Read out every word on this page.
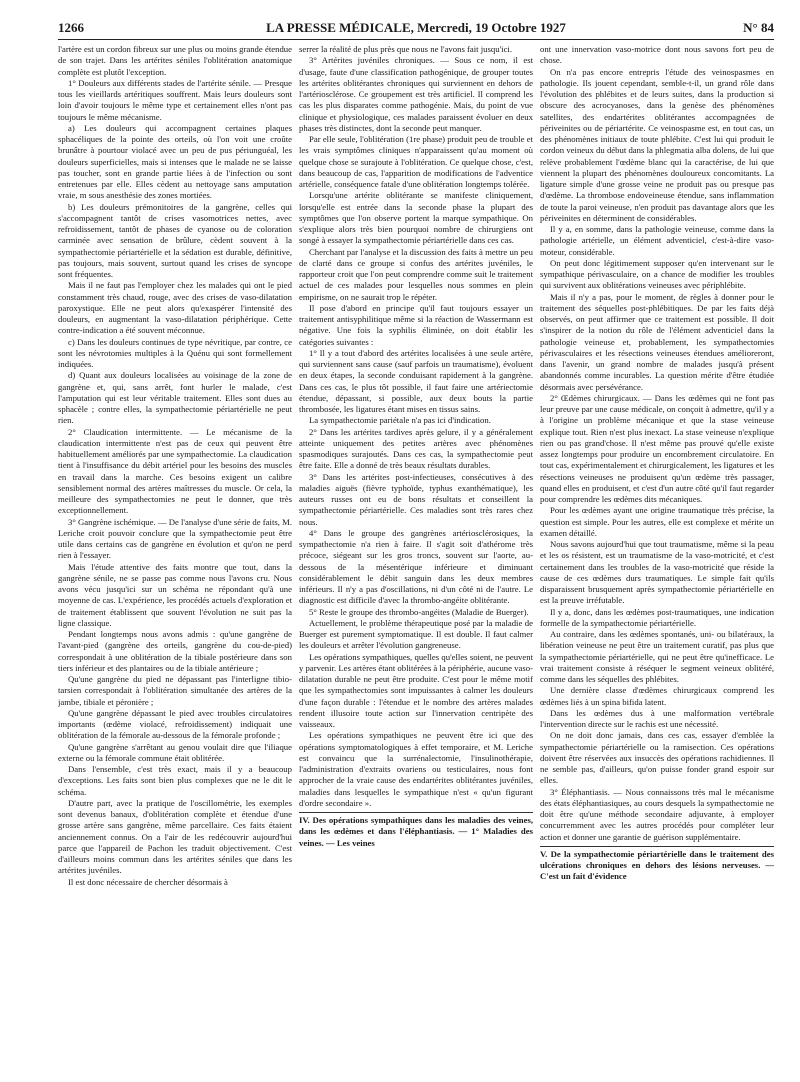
1266	LA PRESSE MÉDICALE, Mercredi, 19 Octobre 1927	N° 84

l'artère est un cordon fibreux sur une plus ou moins grande étendue de son trajet. Dans les artérites séniles l'oblitération anatomique complète est plutôt l'exception.

1° Douleurs aux différents stades de l'artérite sénile. — Presque tous les vieillards artéritiques souffrent. Mais leurs douleurs sont loin d'avoir toujours le même type et certainement elles n'ont pas toujours le même mécanisme.

a) Les douleurs qui accompagnent certaines plaques sphacéliques de la pointe des orteils, où l'on voit une croûte brunâtre à pourtour violacé avec un peu de pus périunguéal, les douleurs superficielles, mais si intenses que le malade ne se laisse pas toucher, sont en grande partie liées à de l'infection ou sont entretenues par elle. Elles cèdent au nettoyage sans amputation vraie, m sous anesthésie des zones mortiées.

b) Les douleurs prémonitoires de la gangrène, celles qui s'accompagnent tantôt de crises vasomotrices nettes, avec refroidissement, tantôt de phases de cyanose ou de coloration carminée avec sensation de brûlure, cèdent souvent à la sympathectomie périartérielle et la sédation est durable, définitive, pas toujours, mais souvent, surtout quand les crises de syncope sont fréquentes.

Mais il ne faut pas l'employer chez les malades qui ont le pied constamment très chaud, rouge, avec des crises de vaso-dilatation paroxystique. Elle ne peut alors qu'exaspérer l'intensité des douleurs, en augmentant la vaso-dilatation périphérique. Cette contre-indication a été souvent méconnue.

c) Dans les douleurs continues de type névritique, par contre, ce sont les névrotomies multiples à la Quénu qui sont formellement indiquées.

d) Quant aux douleurs localisées au voisinage de la zone de gangrène et, qui, sans arrêt, font hurler le malade, c'est l'amputation qui est leur véritable traitement. Elles sont dues au sphacèle ; contre elles, la sympathectomie périartérielle ne peut rien.

2° Claudication intermittente. — Le mécanisme de la claudication intermittente n'est pas de ceux qui peuvent être habituellement améliorés par une sympathectomie. La claudication tient à l'insuffisance du débit artériel pour les besoins des muscles en travail dans la marche. Ces besoins exigent un calibre sensiblement normal des artères maîtresses du muscle. Or cela, la meilleure des sympathectomies ne peut le donner, que très exceptionnellement.

3° Gangrène ischémique. — De l'analyse d'une série de faits, M. Leriche croit pouvoir conclure que la sympathectomie peut être utile dans certains cas de gangrène en évolution et qu'on ne perd rien à l'essayer.

Mais l'étude attentive des faits montre que tout, dans la gangrène sénile, ne se passe pas comme nous l'avons cru. Nous avons vécu jusqu'ici sur un schéma ne répondant qu'à une moyenne de cas. L'expérience, les procédés actuels d'exploration et de traitement établissent que souvent l'évolution ne suit pas la ligne classique.

Pendant longtemps nous avons admis : qu'une gangrène de l'avant-pied (gangrène des orteils, gangrène du cou-de-pied) correspondait à une oblitération de la tibiale postérieure dans son tiers inférieur et des plantaires ou de la tibiale antérieure ;

Qu'une gangrène du pied ne dépassant pas l'interligne tibio-tarsien correspondait à l'oblitération simultanée des artères de la jambe, tibiale et péronière ;

Qu'une gangrène dépassant le pied avec troubles circulatoires importants (œdème violacé, refroidissement) indiquait une oblitération de la fémorale au-dessous de la fémorale profonde ;

Qu'une gangrène s'arrêtant au genou voulait dire que l'iliaque externe ou la fémorale commune était oblitérée.

Dans l'ensemble, c'est très exact, mais il y a beaucoup d'exceptions. Les faits sont bien plus complexes que ne le dit le schéma.

D'autre part, avec la pratique de l'oscillométrie, les exemples sont devenus banaux, d'oblitération complète et étendue d'une grosse artère sans gangrène, même parcellaire. Ces faits étaient anciennement connus. On a l'air de les redécouvrir aujourd'hui parce que l'appareil de Pachon les traduit objectivement. C'est d'ailleurs moins commun dans les artérites séniles que dans les artérites juvéniles.

Il est donc nécessaire de chercher désormais à

serrer la réalité de plus près que nous ne l'avons fait jusqu'ici.

3° Artérites juvéniles chroniques. — Sous ce nom, il est d'usage, faute d'une classification pathogénique, de grouper toutes les artérites oblitérantes chroniques qui surviennent en dehors de l'artériosclérose. Ce groupement est très artificiel. Il comprend les cas les plus disparates comme pathogénie. Mais, du point de vue clinique et physiologique, ces malades paraissent évoluer en deux phases très distinctes, dont la seconde peut manquer.

Par elle seule, l'oblitération (1re phase) produit peu de trouble et les vrais symptômes cliniques n'apparaissent qu'au moment où quelque chose se surajoute à l'oblitération. Ce quelque chose, c'est, dans beaucoup de cas, l'apparition de modifications de l'adventice artérielle, conséquence fatale d'une oblitération longtemps tolérée.

Lorsqu'une artérite oblitérante se manifeste cliniquement, lorsqu'elle est entrée dans la seconde phase la plupart des symptômes que l'on observe portent la marque sympathique. On s'explique alors très bien pourquoi nombre de chirurgiens ont songé à essayer la sympathectomie périartérielle dans ces cas.

Cherchant par l'analyse et la discussion des faits à mettre un peu de clarté dans ce groupe si confus des artérites juvéniles, le rapporteur croit que l'on peut comprendre comme suit le traitement actuel de ces malades pour lesquelles nous sommes en plein empirisme, on ne saurait trop le répéter.

Il pose d'abord en principe qu'il faut toujours essayer un traitement antisyphilitique même si la réaction de Wassermann est négative. Une fois la syphilis éliminée, on doit établir les catégories suivantes :

1° Il y a tout d'abord des artérites localisées à une seule artère, qui surviennent sans cause (sauf parfois un traumatisme), évoluent en deux étapes, la seconde conduisant rapidement à la gangrène. Dans ces cas, le plus tôt possible, il faut faire une artériectomie étendue, dépassant, si possible, aux deux bouts la partie thrombosée, les ligatures étant mises en tissus sains.

La sympathectomie pariétale n'a pas ici d'indication.

2° Dans les artérites tardives après gelure, il y a généralement atteinte uniquement des petites artères avec phénomènes spasmodiques surajoutés. Dans ces cas, la sympathectomie peut être faite. Elle a donné de très beaux résultats durables.

3° Dans les artérites post-infectieuses, consécutives à des maladies aiguës (fièvre typhoïde, typhus exanthématique), les auteurs russes ont eu de bons résultats et conseillent la sympathectomie périartérielle. Ces maladies sont très rares chez nous.

4° Dans le groupe des gangrènes artériosclérosiques, la sympathectomie n'a rien à faire. Il s'agit soit d'athérome très précoce, siégeant sur les gros troncs, souvent sur l'aorte, au-dessous de la mésentérique inférieure et diminuant considérablement le débit sanguin dans les deux membres inférieurs. Il n'y a pas d'oscillations, ni d'un côté ni de l'autre. Le diagnostic est difficile d'avec la thrombo-angéite oblitérante.

5° Reste le groupe des thrombo-angéites (Maladie de Buerger).

Actuellement, le problème thérapeutique posé par la maladie de Buerger est purement symptomatique. Il est double. Il faut calmer les douleurs et arrêter l'évolution gangreneuse.

Les opérations sympathiques, quelles qu'elles soient, ne peuvent y parvenir. Les artères étant oblitérées à la périphérie, aucune vaso-dilatation durable ne peut être produite. C'est pour le même motif que les sympathectomies sont impuissantes à calmer les douleurs d'une façon durable : l'étendue et le nombre des artères malades rendent illusoire toute action sur l'innervation centripète des vaisseaux.

Les opérations sympathiques ne peuvent être ici que des opérations symptomatologiques à effet temporaire, et M. Leriche est convaincu que la surrénalectomie, l'insulinothérapie, l'administration d'extraits ovariens ou testiculaires, nous font approcher de la vraie cause des endartérites oblitérantes juvéniles, maladies dans lesquelles le sympathique n'est « qu'un figurant d'ordre secondaire ».

IV. Des opérations sympathiques dans les maladies des veines, dans les œdèmes et dans l'éléphantiasis. — 1° Maladies des veines. — Les veines

ont une innervation vaso-motrice dont nous savons fort peu de chose.

On n'a pas encore entrepris l'étude des veinospasmes en pathologie. Ils jouent cependant, semble-t-il, un grand rôle dans l'évolution des phlébites et de leurs suites, dans la production si obscure des acrocyanoses, dans la genèse des phénomènes satellites, des endartérites oblitérantes accompagnées de périveinites ou de périartérite. Ce veinospasme est, en tout cas, un des phénomènes initiaux de toute phlébite. C'est lui qui produit le cordon veineux du début dans la phlegmatia alba dolens, de lui que relève probablement l'œdème blanc qui la caractérise, de lui que viennent la plupart des phénomènes douloureux concomitants. La ligature simple d'une grosse veine ne produit pas ou presque pas d'œdème. La thrombose endoveineuse étendue, sans inflammation de toute la paroi veineuse, n'en produit pas davantage alors que les périveinites en déterminent de considérables.

Il y a, en somme, dans la pathologie veineuse, comme dans la pathologie artérielle, un élément adventiciel, c'est-à-dire vaso-moteur, considérable.

On peut donc légitimement supposer qu'en intervenant sur le sympathique périvasculaire, on a chance de modifier les troubles qui survivent aux oblitérations veineuses avec périphlébite.

Mais il n'y a pas, pour le moment, de règles à donner pour le traitement des séquelles post-phlébitiques. De par les faits déjà observés, on peut affirmer que ce traitement est possible. Il doit s'inspirer de la notion du rôle de l'élément adventiciel dans la pathologie veineuse et, probablement, les sympathectomies périvasculaires et les résections veineuses étendues amélioreront, dans l'avenir, un grand nombre de malades jusqu'à présent abandonnés comme incurables. La question mérite d'être étudiée désormais avec persévérance.

2° Œdèmes chirurgicaux. — Dans les œdèmes qui ne font pas leur preuve par une cause médicale, on conçoit à admettre, qu'il y a à l'origine un problème mécanique et que la stase veineuse explique tout. Rien n'est plus inexact. La stase veineuse n'explique rien ou pas grand'chose. Il n'est même pas prouvé qu'elle existe assez longtemps pour produire un encombrement circulatoire. En tout cas, expérimentalement et chirurgicalement, les ligatures et les résections veineuses ne produisent qu'un œdème très passager, quand elles en produisent, et c'est d'un autre côté qu'il faut regarder pour comprendre les œdèmes dits mécaniques.

Pour les œdèmes ayant une origine traumatique très précise, la question est simple. Pour les autres, elle est complexe et mérite un examen détaillé.

Nous savons aujourd'hui que tout traumatisme, même si la peau et les os résistent, est un traumatisme de la vaso-motricité, et c'est certainement dans les troubles de la vaso-motricité que réside la cause de ces œdèmes durs traumatiques. Le simple fait qu'ils disparaissent brusquement après sympathectomie périartérielle en est la preuve irréfutable.

Il y a, donc, dans les œdèmes post-traumatiques, une indication formelle de la sympathectomie périartérielle.

Au contraire, dans les œdèmes spontanés, uni- ou bilatéraux, la libération veineuse ne peut être un traitement curatif, pas plus que la sympathectomie périartérielle, qui ne peut être qu'inefficace. Le vrai traitement consiste à réséquer le segment veineux oblitéré, comme dans les séquelles des phlébites.

Une dernière classe d'œdèmes chirurgicaux comprend les œdèmes liés à un spina bifida latent.

Dans les œdèmes dus à une malformation vertébrale l'intervention directe sur le rachis est une nécessité.

On ne doit donc jamais, dans ces cas, essayer d'emblée la sympathectomie périartérielle ou la ramisection. Ces opérations doivent être réservées aux insuccès des opérations rachidiennes. Il ne semble pas, d'ailleurs, qu'on puisse fonder grand espoir sur elles.

3° Éléphantiasis. — Nous connaissons très mal le mécanisme des états éléphantiasiques, au cours desquels la sympathectomie ne doit être qu'une méthode secondaire adjuvante, à employer concurremment avec les autres procédés pour compléter leur action et donner une garantie de guérison supplémentaire.

V. De la sympathectomie périartérielle dans le traitement des ulcérations chroniques en dehors des lésions nerveuses. — C'est un fait d'évidence
